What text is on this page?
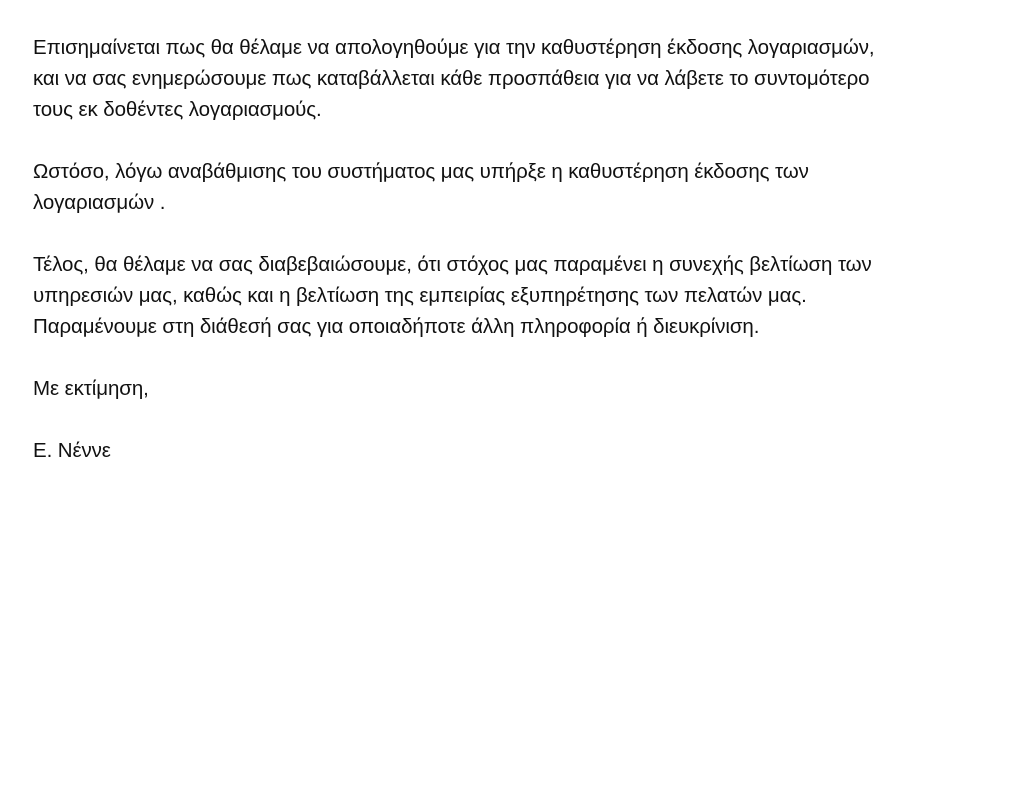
Επισημαίνεται πως θα θέλαμε να απολογηθούμε για την καθυστέρηση έκδοσης λογαριασμών,
και να σας ενημερώσουμε πως καταβάλλεται κάθε προσπάθεια για να λάβετε το συντομότερο
τους εκ δοθέντες λογαριασμούς.

Ωστόσο, λόγω αναβάθμισης του συστήματος μας υπήρξε η καθυστέρηση έκδοσης των
λογαριασμών .

Τέλος, θα θέλαμε να σας διαβεβαιώσουμε, ότι στόχος μας παραμένει η συνεχής βελτίωση των
υπηρεσιών μας, καθώς και η βελτίωση της εμπειρίας εξυπηρέτησης των πελατών μας.
Παραμένουμε στη διάθεσή σας για οποιαδήποτε άλλη πληροφορία ή διευκρίνιση.

Με εκτίμηση,

Ε. Νέννε
